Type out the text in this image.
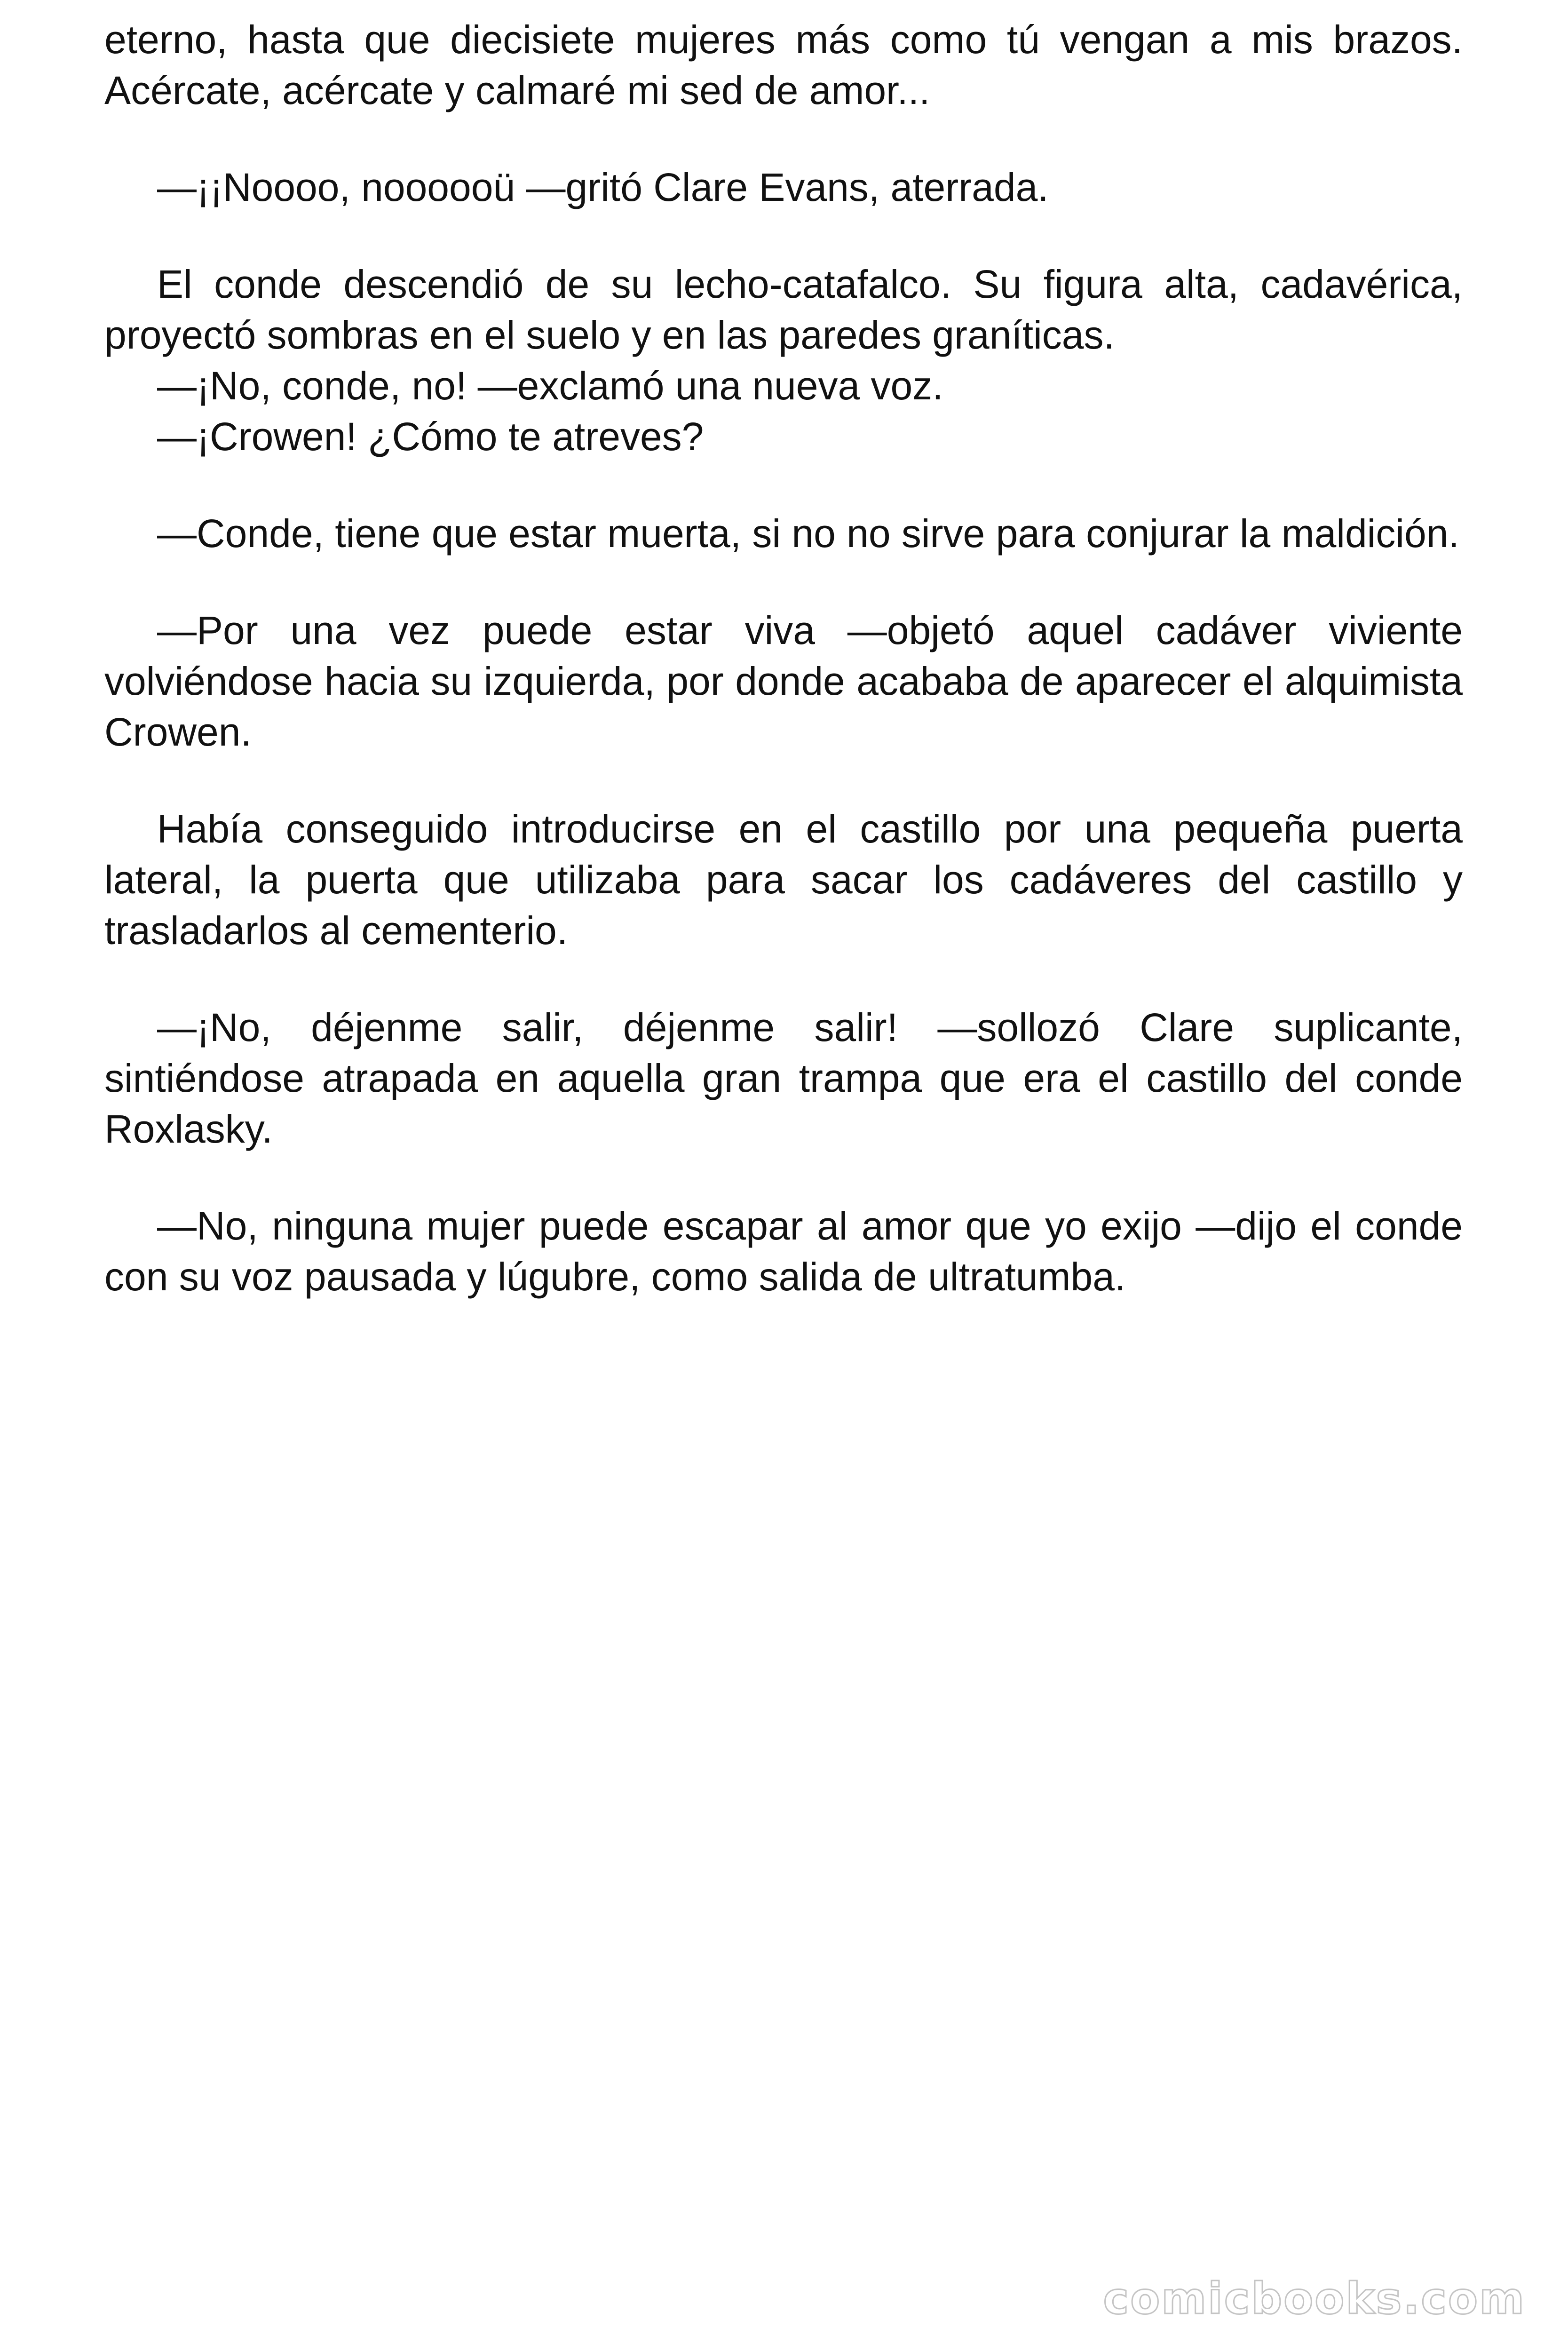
eterno, hasta que diecisiete mujeres más como tú vengan a mis brazos. Acércate, acércate y calmaré mi sed de amor...

—¡¡Noooo, noooooü —gritó Clare Evans, aterrada.

El conde descendió de su lecho-catafalco. Su figura alta, cadavérica, proyectó sombras en el suelo y en las paredes graníticas.

—¡No, conde, no! —exclamó una nueva voz.

—¡Crowen! ¿Cómo te atreves?

—Conde, tiene que estar muerta, si no no sirve para conjurar la maldición.

—Por una vez puede estar viva —objetó aquel cadáver viviente volviéndose hacia su izquierda, por donde acababa de aparecer el alquimista Crowen.

Había conseguido introducirse en el castillo por una pequeña puerta lateral, la puerta que utilizaba para sacar los cadáveres del castillo y trasladarlos al cementerio.

—¡No, déjenme salir, déjenme salir! —sollozó Clare suplicante, sintiéndose atrapada en aquella gran trampa que era el castillo del conde Roxlasky.

—No, ninguna mujer puede escapar al amor que yo exijo —dijo el conde con su voz pausada y lúgubre, como salida de ultratumba.

comicbooks.com
